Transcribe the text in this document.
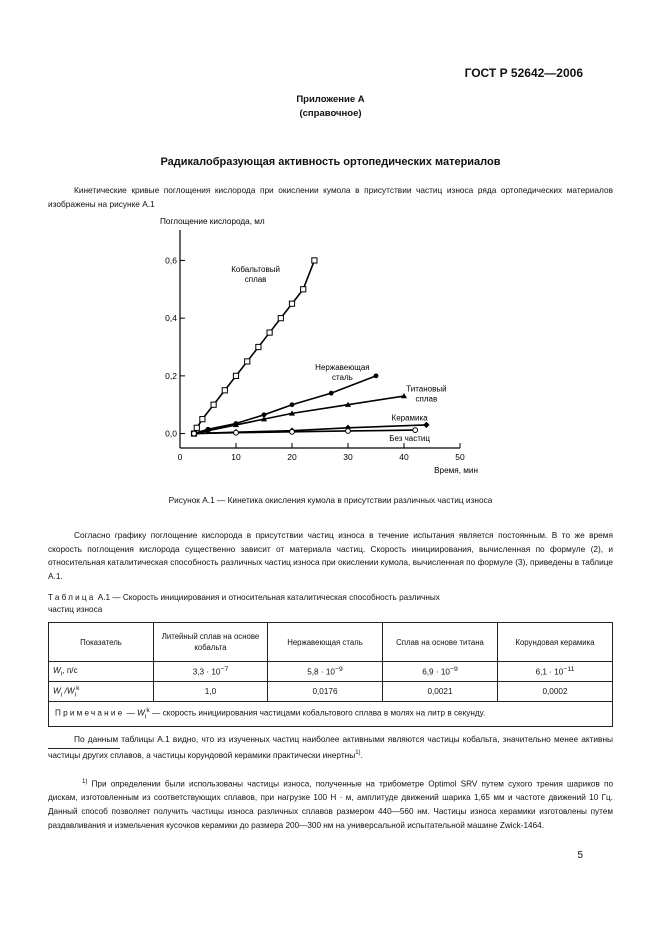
ГОСТ Р 52642—2006
Приложение А
(справочное)
Радикалобразующая активность ортопедических материалов

Кинетические кривые поглощения кислорода при окислении кумола в присутствии частиц износа ряда ортопедических материалов изображены на рисунке А.1

0,0
0,2
0,4
0,6
0	10	20	30	40	50
Поглощение кислорода, мл
Время, мин
Кобальтовый
сплав
Нержавеющая
сталь
Титановый
сплав
Керамика
Без частиц
Рисунок А.1 — Кинетика окисления кумола в присутствии различных частиц износа

Согласно графику поглощение кислорода в присутствии частиц износа в течение испытания является постоянным. В то же время скорость поглощения кислорода существенно зависит от материала частиц. Скорость инициирования, вычисленная по формуле (2), и относительная каталитическая способность различных частиц износа при окислении кумола, вычисленная по формуле (3), приведены в таблице А.1.

Таблица А.1 — Скорость инициирования и относительная каталитическая способность различных
частиц износа
Показатель	Литейный сплав на основе кобальта	Нержавеющая сталь	Сплав на основе титана	Корундовая керамика
$W_i$, п/с	$3,3 \cdot 10^{-7}$	$5,8 \cdot 10^{-9}$	$6,9 \cdot 10^{-9}$	$6,1 \cdot 10^{-11}$
$W_i$ $/W_i^k$	1,0	0,0176	0,0021	0,0002
Примечание — $W_i^k$ — скорость инициирования частицами кобальтового сплава в молях на литр в секунду.				

По данным таблицы А.1 видно, что из изученных частиц наиболее активными являются частицы кобальта, значительно менее активны частицы других сплавов, а частицы корундовой керамики практически инертны$^{1)}$.

$^{1)}$ При определении были использованы частицы износа, полученные на трибометре Optimol SRV путем сухого трения шариков по дискам, изготовленным из соответствующих сплавов, при нагрузке 100 Н · м, амплитуде движений шарика 1,65 мм и частоте движений 10 Гц. Данный способ позволяет получить частицы износа различных сплавов размером 440—560 нм. Частицы износа керамики изготовлены путем раздавливания и измельчения кусочков керамики до размера 200—300 нм на универсальной испытательной машине Zwick-1464.

5
